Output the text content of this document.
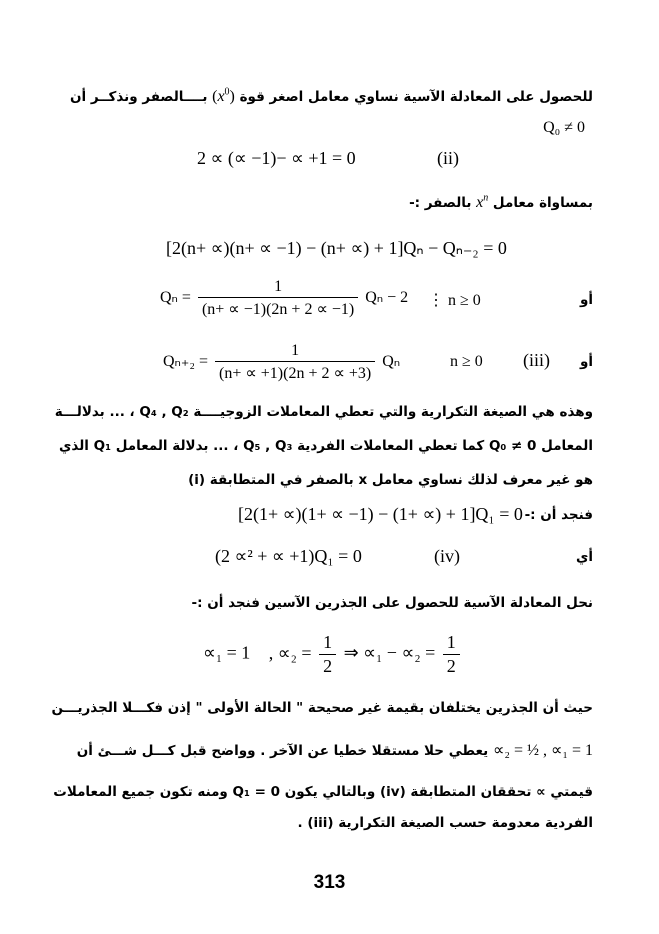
للحصول على المعادلة الآسية نساوي معامل اصغر قوة $(x^0)$ بــــالصفر ونذكــر أن
Q₀ ≠ 0
2 ∝ (∝ −1)− ∝ +1 = 0	(ii)
بمساواة معامل $x^n$ بالصفر :-
[2(n+ ∝)(n+ ∝ −1) − (n+ ∝) + 1]Qₙ − Qₙ₋₂ = 0
$Q_n = \frac{1}{(n+ \propto -1)(2n + 2 \propto -1)}$ Qₙ − 2 ⋮ n ≥ 0	أو
$Q_{n+2} = \frac{1}{(n+ \propto +1)(2n + 2 \propto +3)}$ Qₙ	n ≥ 0 (iii) أو
وهذه هي الصيغة التكرارية والتي تعطي المعاملات الزوجيــــة Q₄ , Q₂ ، ... بدلالـــة
المعامل Q₀ ≠ 0 كما تعطي المعاملات الفردية Q₅ , Q₃ ، ... بدلالة المعامل Q₁ الذي
هو غير معرف لذلك نساوي معامل x بالصفر في المتطابقة (i)
[2(1+ ∝)(1+ ∝ −1) − (1+ ∝) + 1]Q₁ = 0 فنجد أن :-
(2 ∝² + ∝ +1)Q₁ = 0	(iv)	أي
نحل المعادلة الآسية للحصول على الجذرين الآسين فنجد أن :-
∝₁ = 1 , $\propto_2 = \frac{1}{2}$ ⇒ $\propto_1 - \propto_2 = \frac{1}{2}$
حيث أن الجذرين يختلفان بقيمة غير صحيحة " الحالة الأولى " إذن فكـــلا الجذريـــن
∝₂ = ½ , ∝₁ = 1 يعطي حلا مستقلا خطيا عن الآخر . وواضح قبل كـــل شـــئ أن
قيمتي ∝ تحققان المتطابقة (iv) وبالتالي يكون Q₁ = 0 ومنه تكون جميع المعاملات
الفردية معدومة حسب الصيغة التكرارية (iii) .
313
